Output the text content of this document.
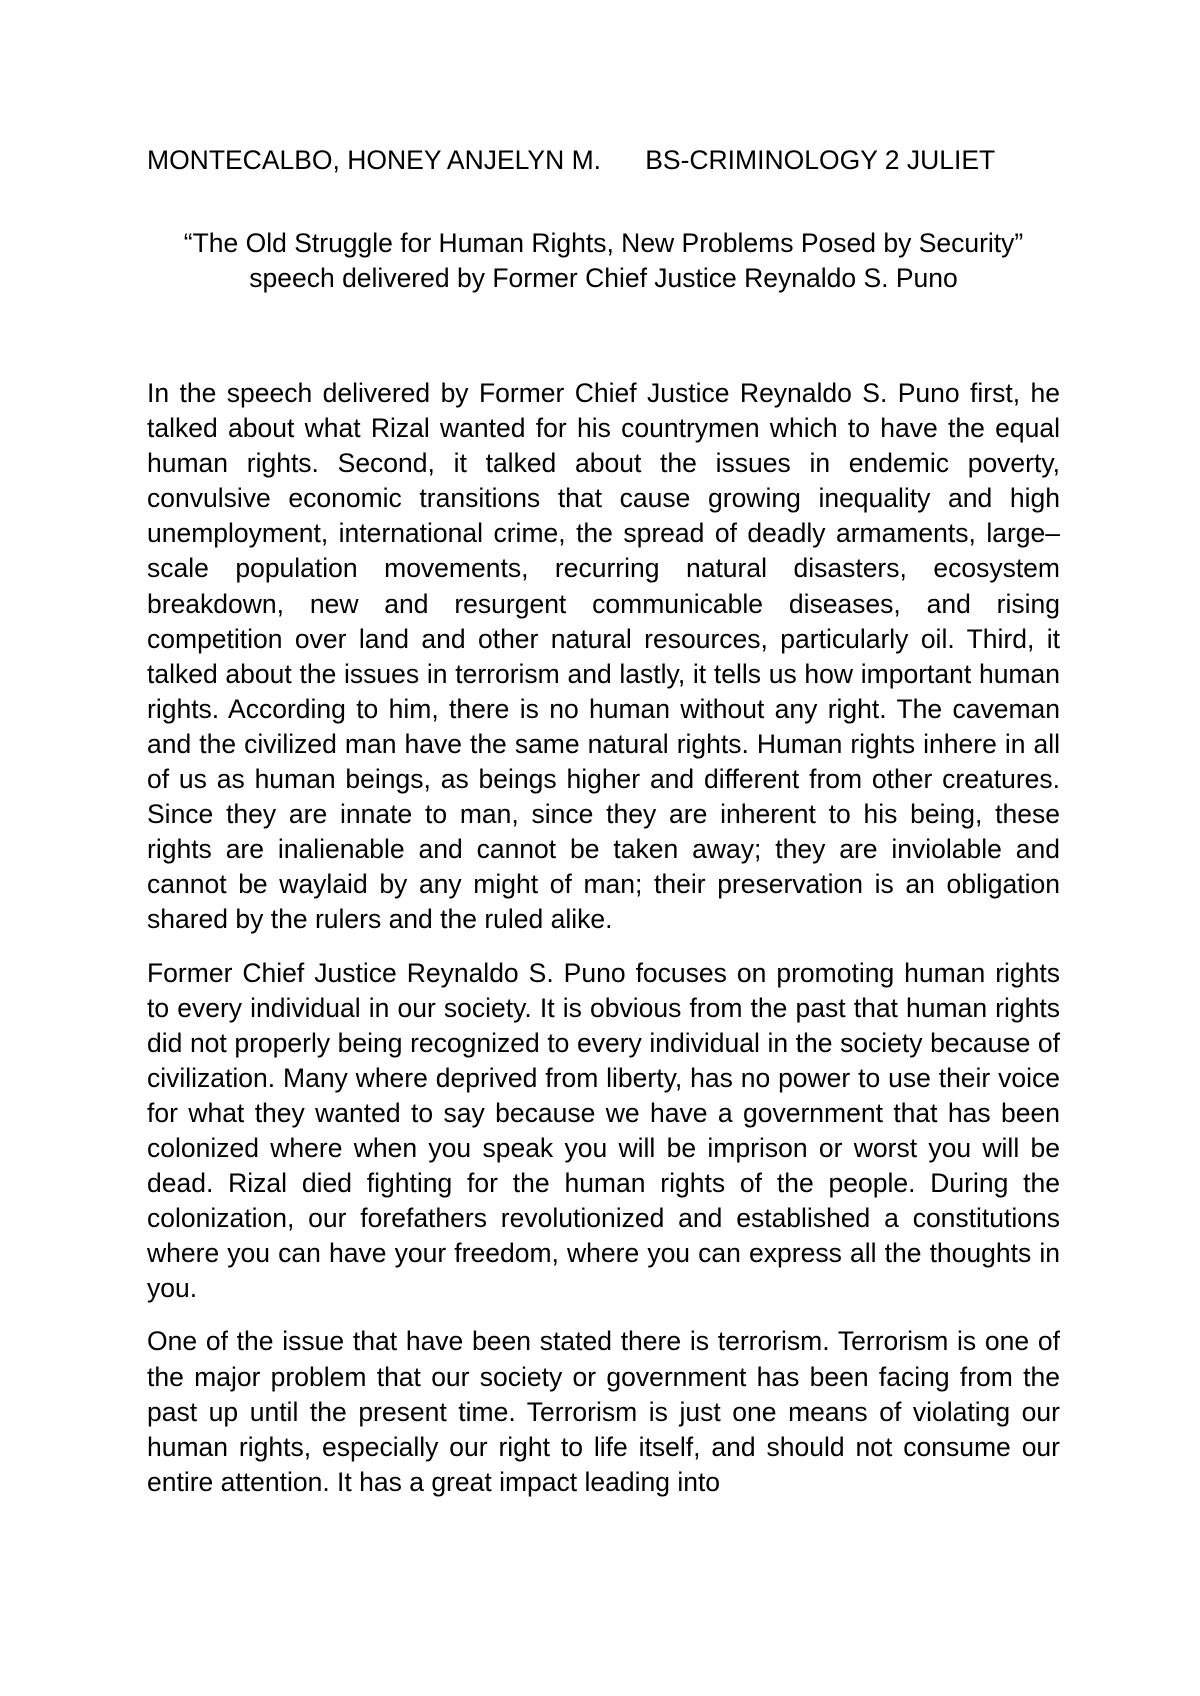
MONTECALBO, HONEY ANJELYN M. BS-CRIMINOLOGY 2 JULIET

“The Old Struggle for Human Rights, New Problems Posed by Security”

speech delivered by Former Chief Justice Reynaldo S. Puno

In the speech delivered by Former Chief Justice Reynaldo S. Puno first, he talked about what Rizal wanted for his countrymen which to have the equal human rights. Second, it talked about the issues in endemic poverty, convulsive economic transitions that cause growing inequality and high unemployment, international crime, the spread of deadly armaments, large–scale population movements, recurring natural disasters, ecosystem breakdown, new and resurgent communicable diseases, and rising competition over land and other natural resources, particularly oil. Third, it talked about the issues in terrorism and lastly, it tells us how important human rights. According to him, there is no human without any right. The caveman and the civilized man have the same natural rights. Human rights inhere in all of us as human beings, as beings higher and different from other creatures. Since they are innate to man, since they are inherent to his being, these rights are inalienable and cannot be taken away; they are inviolable and cannot be waylaid by any might of man; their preservation is an obligation shared by the rulers and the ruled alike.

Former Chief Justice Reynaldo S. Puno focuses on promoting human rights to every individual in our society. It is obvious from the past that human rights did not properly being recognized to every individual in the society because of civilization. Many where deprived from liberty, has no power to use their voice for what they wanted to say because we have a government that has been colonized where when you speak you will be imprison or worst you will be dead. Rizal died fighting for the human rights of the people. During the colonization, our forefathers revolutionized and established a constitutions where you can have your freedom, where you can express all the thoughts in you.

One of the issue that have been stated there is terrorism. Terrorism is one of the major problem that our society or government has been facing from the past up until the present time. Terrorism is just one means of violating our human rights, especially our right to life itself, and should not consume our entire attention. It has a great impact leading into
